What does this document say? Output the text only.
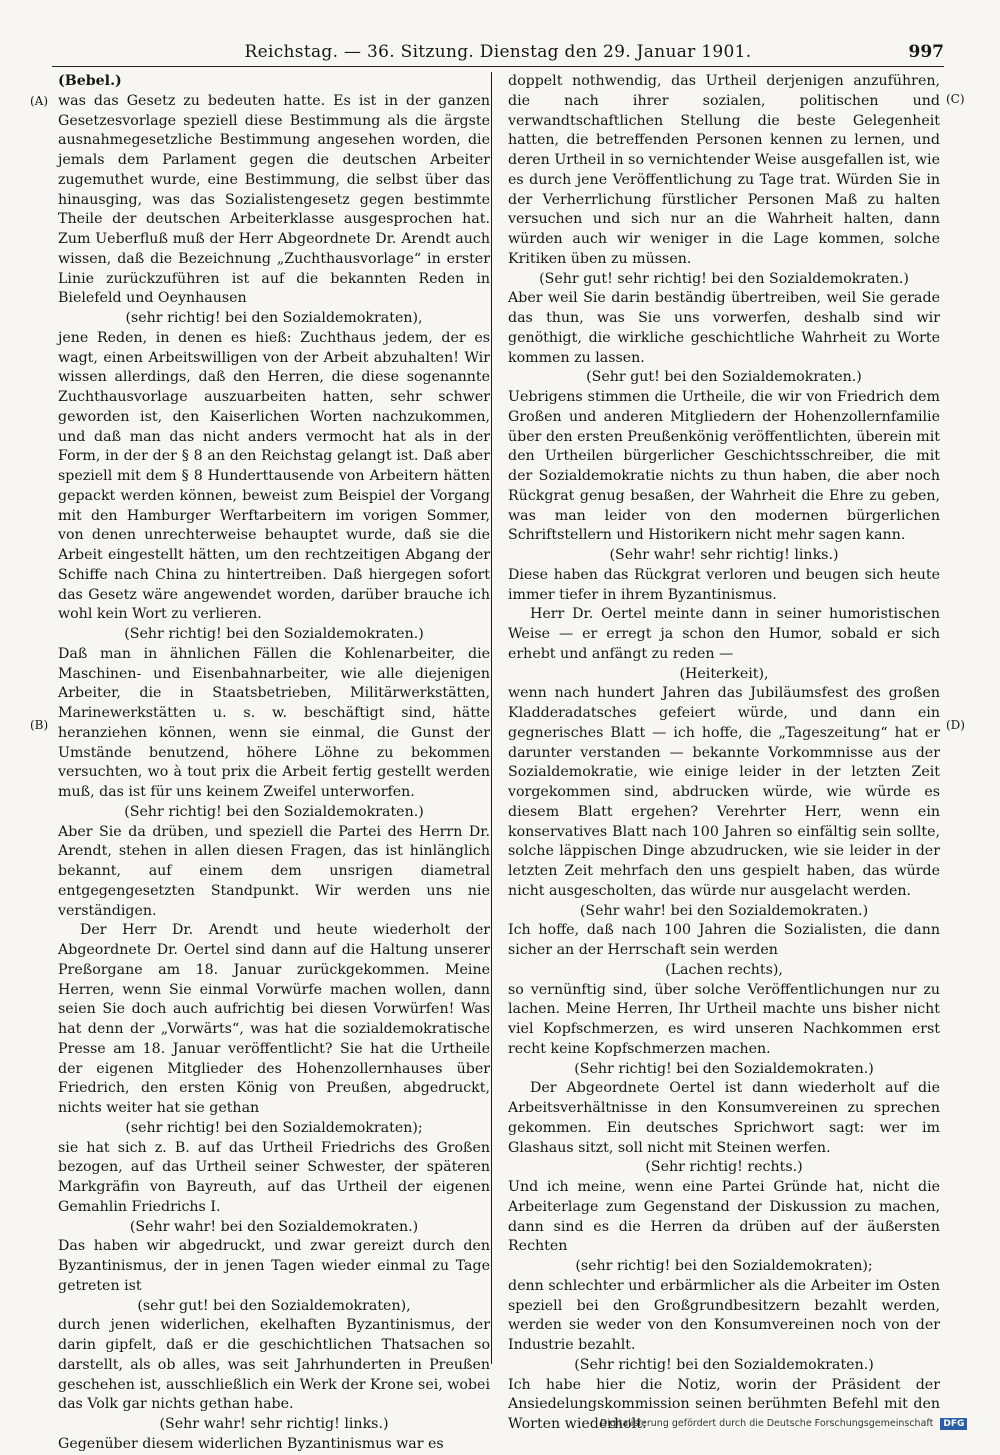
Reichstag. — 36. Sitzung. Dienstag den 29. Januar 1901.	997
(A)
(B)
(C)
(D)

(Bebel.)

was das Gesetz zu bedeuten hatte. Es ist in der ganzen Gesetzesvorlage speziell diese Bestimmung als die ärgste ausnahmegesetzliche Bestimmung angesehen worden, die jemals dem Parlament gegen die deutschen Arbeiter zugemuthet wurde, eine Bestimmung, die selbst über das hinausging, was das Sozialistengesetz gegen bestimmte Theile der deutschen Arbeiterklasse ausgesprochen hat. Zum Ueberfluß muß der Herr Abgeordnete Dr. Arendt auch wissen, daß die Bezeichnung „Zuchthausvorlage“ in erster Linie zurückzuführen ist auf die bekannten Reden in Bielefeld und Oeynhausen

(sehr richtig! bei den Sozialdemokraten),

jene Reden, in denen es hieß: Zuchthaus jedem, der es wagt, einen Arbeitswilligen von der Arbeit abzuhalten! Wir wissen allerdings, daß den Herren, die diese sogenannte Zuchthausvorlage auszuarbeiten hatten, sehr schwer geworden ist, den Kaiserlichen Worten nachzukommen, und daß man das nicht anders vermocht hat als in der Form, in der der § 8 an den Reichstag gelangt ist. Daß aber speziell mit dem § 8 Hunderttausende von Arbeitern hätten gepackt werden können, beweist zum Beispiel der Vorgang mit den Hamburger Werftarbeitern im vorigen Sommer, von denen unrechterweise behauptet wurde, daß sie die Arbeit eingestellt hätten, um den rechtzeitigen Abgang der Schiffe nach China zu hintertreiben. Daß hiergegen sofort das Gesetz wäre angewendet worden, darüber brauche ich wohl kein Wort zu verlieren.

(Sehr richtig! bei den Sozialdemokraten.)

Daß man in ähnlichen Fällen die Kohlenarbeiter, die Maschinen- und Eisenbahnarbeiter, wie alle diejenigen Arbeiter, die in Staatsbetrieben, Militärwerkstätten, Marinewerkstätten u. s. w. beschäftigt sind, hätte heranziehen können, wenn sie einmal, die Gunst der Umstände benutzend, höhere Löhne zu bekommen versuchten, wo à tout prix die Arbeit fertig gestellt werden muß, das ist für uns keinem Zweifel unterworfen.

(Sehr richtig! bei den Sozialdemokraten.)

Aber Sie da drüben, und speziell die Partei des Herrn Dr. Arendt, stehen in allen diesen Fragen, das ist hinlänglich bekannt, auf einem dem unsrigen diametral entgegengesetzten Standpunkt. Wir werden uns nie verständigen.

Der Herr Dr. Arendt und heute wiederholt der Abgeordnete Dr. Oertel sind dann auf die Haltung unserer Preßorgane am 18. Januar zurückgekommen. Meine Herren, wenn Sie einmal Vorwürfe machen wollen, dann seien Sie doch auch aufrichtig bei diesen Vorwürfen! Was hat denn der „Vorwärts“, was hat die sozialdemokratische Presse am 18. Januar veröffentlicht? Sie hat die Urtheile der eigenen Mitglieder des Hohenzollernhauses über Friedrich, den ersten König von Preußen, abgedruckt, nichts weiter hat sie gethan

(sehr richtig! bei den Sozialdemokraten);

sie hat sich z. B. auf das Urtheil Friedrichs des Großen bezogen, auf das Urtheil seiner Schwester, der späteren Markgräfin von Bayreuth, auf das Urtheil der eigenen Gemahlin Friedrichs I.

(Sehr wahr! bei den Sozialdemokraten.)

Das haben wir abgedruckt, und zwar gereizt durch den Byzantinismus, der in jenen Tagen wieder einmal zu Tage getreten ist

(sehr gut! bei den Sozialdemokraten),

durch jenen widerlichen, ekelhaften Byzantinismus, der darin gipfelt, daß er die geschichtlichen Thatsachen so darstellt, als ob alles, was seit Jahrhunderten in Preußen geschehen ist, ausschließlich ein Werk der Krone sei, wobei das Volk gar nichts gethan habe.

(Sehr wahr! sehr richtig! links.)

Gegenüber diesem widerlichen Byzantinismus war es

doppelt nothwendig, das Urtheil derjenigen anzuführen, die nach ihrer sozialen, politischen und verwandtschaftlichen Stellung die beste Gelegenheit hatten, die betreffenden Personen kennen zu lernen, und deren Urtheil in so vernichtender Weise ausgefallen ist, wie es durch jene Veröffentlichung zu Tage trat. Würden Sie in der Verherrlichung fürstlicher Personen Maß zu halten versuchen und sich nur an die Wahrheit halten, dann würden auch wir weniger in die Lage kommen, solche Kritiken üben zu müssen.

(Sehr gut! sehr richtig! bei den Sozialdemokraten.)

Aber weil Sie darin beständig übertreiben, weil Sie gerade das thun, was Sie uns vorwerfen, deshalb sind wir genöthigt, die wirkliche geschichtliche Wahrheit zu Worte kommen zu lassen.

(Sehr gut! bei den Sozialdemokraten.)

Uebrigens stimmen die Urtheile, die wir von Friedrich dem Großen und anderen Mitgliedern der Hohenzollernfamilie über den ersten Preußenkönig veröffentlichten, überein mit den Urtheilen bürgerlicher Geschichtsschreiber, die mit der Sozialdemokratie nichts zu thun haben, die aber noch Rückgrat genug besaßen, der Wahrheit die Ehre zu geben, was man leider von den modernen bürgerlichen Schriftstellern und Historikern nicht mehr sagen kann.

(Sehr wahr! sehr richtig! links.)

Diese haben das Rückgrat verloren und beugen sich heute immer tiefer in ihrem Byzantinismus.

Herr Dr. Oertel meinte dann in seiner humoristischen Weise — er erregt ja schon den Humor, sobald er sich erhebt und anfängt zu reden —

(Heiterkeit),

wenn nach hundert Jahren das Jubiläumsfest des großen Kladderadatsches gefeiert würde, und dann ein gegnerisches Blatt — ich hoffe, die „Tageszeitung“ hat er darunter verstanden — bekannte Vorkommnisse aus der Sozialdemokratie, wie einige leider in der letzten Zeit vorgekommen sind, abdrucken würde, wie würde es diesem Blatt ergehen? Verehrter Herr, wenn ein konservatives Blatt nach 100 Jahren so einfältig sein sollte, solche läppischen Dinge abzudrucken, wie sie leider in der letzten Zeit mehrfach den uns gespielt haben, das würde nicht ausgescholten, das würde nur ausgelacht werden.

(Sehr wahr! bei den Sozialdemokraten.)

Ich hoffe, daß nach 100 Jahren die Sozialisten, die dann sicher an der Herrschaft sein werden

(Lachen rechts),

so vernünftig sind, über solche Veröffentlichungen nur zu lachen. Meine Herren, Ihr Urtheil machte uns bisher nicht viel Kopfschmerzen, es wird unseren Nachkommen erst recht keine Kopfschmerzen machen.

(Sehr richtig! bei den Sozialdemokraten.)

Der Abgeordnete Oertel ist dann wiederholt auf die Arbeitsverhältnisse in den Konsumvereinen zu sprechen gekommen. Ein deutsches Sprichwort sagt: wer im Glashaus sitzt, soll nicht mit Steinen werfen.

(Sehr richtig! rechts.)

Und ich meine, wenn eine Partei Gründe hat, nicht die Arbeiterlage zum Gegenstand der Diskussion zu machen, dann sind es die Herren da drüben auf der äußersten Rechten

(sehr richtig! bei den Sozialdemokraten);

denn schlechter und erbärmlicher als die Arbeiter im Osten speziell bei den Großgrundbesitzern bezahlt werden, werden sie weder von den Konsumvereinen noch von der Industrie bezahlt.

(Sehr richtig! bei den Sozialdemokraten.)

Ich habe hier die Notiz, worin der Präsident der Ansiedelungskommission seinen berühmten Befehl mit den Worten wiederholt:

Digitalisierung gefördert durch die Deutsche Forschungsgemeinschaft DFG
